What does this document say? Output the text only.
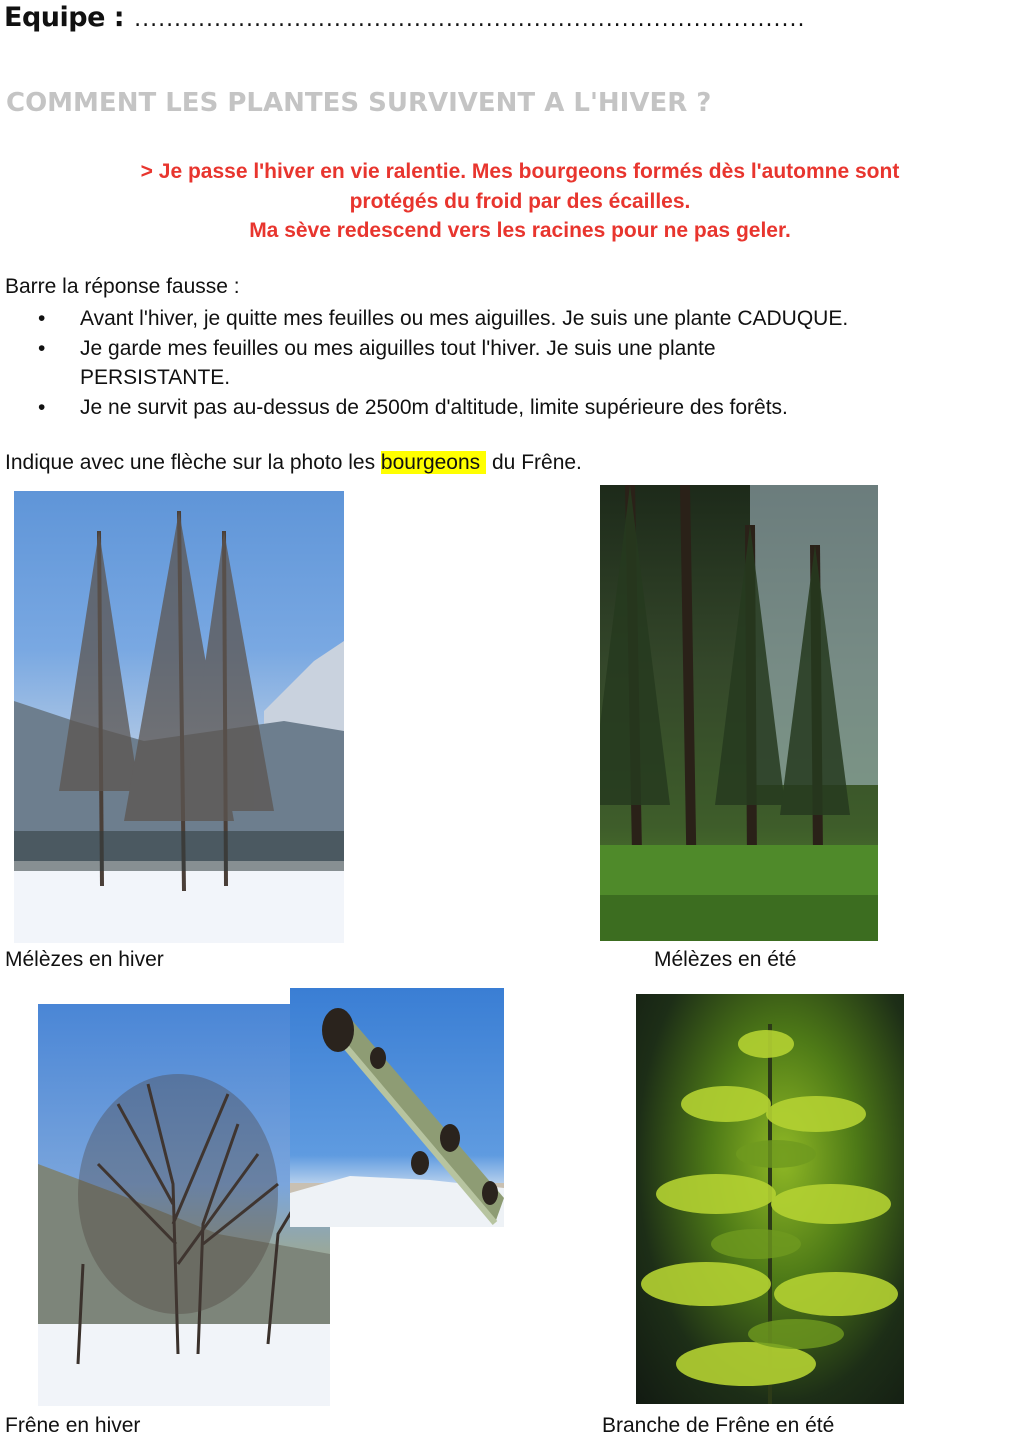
Equipe : ....................................................................................
COMMENT LES PLANTES SURVIVENT A L'HIVER ?
> Je passe l'hiver en vie ralentie. Mes bourgeons formés dès l'automne sont
protégés du froid par des écailles.
Ma sève redescend vers les racines pour ne pas geler.
Barre la réponse fausse :
• Avant l'hiver, je quitte mes feuilles ou mes aiguilles. Je suis une plante CADUQUE.
• Je garde mes feuilles ou mes aiguilles tout l'hiver. Je suis une plante PERSISTANTE.
• Je ne survit pas au-dessus de 2500m d'altitude, limite supérieure des forêts.
Indique avec une flèche sur la photo les bourgeons du Frêne.
Mélèzes en hiver	Mélèzes en été
Frêne en hiver	Branche de Frêne en été
